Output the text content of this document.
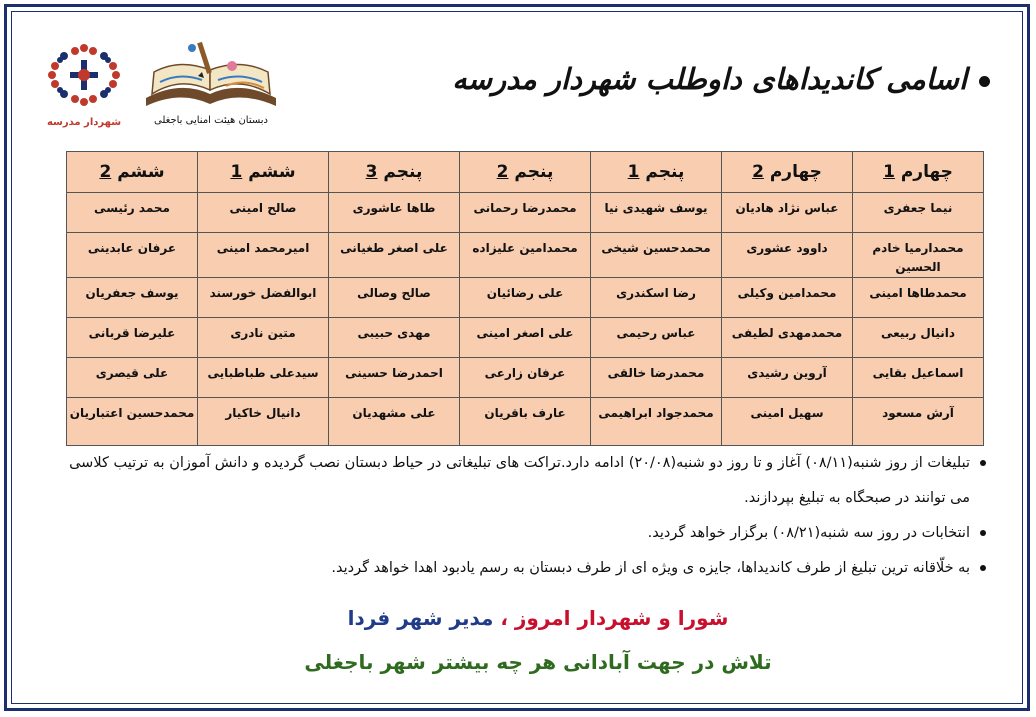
شهردار مدرسه	دبستان هیئت امنایی باجغلی
اسامی کاندیداهای داوطلب شهردار مدرسه
چهارم 1	چهارم 2	پنجم 1	پنجم 2	پنجم 3	ششم 1	ششم 2
نیما جعفری	عباس نژاد هادیان	یوسف شهیدی نیا	محمدرضا رحمانی	طاها عاشوری	صالح امینی	محمد رئیسی
محمدارمیا خادم الحسین	داوود عشوری	محمدحسین شیخی	محمدامین علیزاده	علی اصغر طغیانی	امیرمحمد امینی	عرفان عابدینی
محمدطاها امینی	محمدامین وکیلی	رضا اسکندری	علی رضائیان	صالح وصالی	ابوالفضل خورسند	یوسف جعفریان
دانیال ربیعی	محمدمهدی لطیفی	عباس رحیمی	علی اصغر امینی	مهدی حبیبی	متین نادری	علیرضا قربانی
اسماعیل بقایی	آروین رشیدی	محمدرضا خالقی	عرفان زارعی	احمدرضا حسینی	سیدعلی طباطبایی	علی قیصری
آرش مسعود	سهیل امینی	محمدجواد ابراهیمی	عارف باقریان	علی مشهدیان	دانیال خاکیار	محمدحسین اعتباریان
تبلیغات از روز شنبه(۰۸/۱۱) آغاز و تا روز دو شنبه(۲۰/۰۸) ادامه دارد.تراکت های تبلیغاتی در حیاط دبستان نصب گردیده و دانش آموزان به ترتیب کلاسی می توانند در صبحگاه به تبلیغ بپردازند.
انتخابات در روز سه شنبه(۰۸/۲۱) برگزار خواهد گردید.
به خلّاقانه ترین تبلیغ از طرف کاندیداها، جایزه ی ویژه ای از طرف دبستان به رسم یادبود اهدا خواهد گردید.
شورا و شهردار امروز ، مدیر شهر فردا
تلاش در جهت آبادانی هر چه بیشتر شهر باجغلی
